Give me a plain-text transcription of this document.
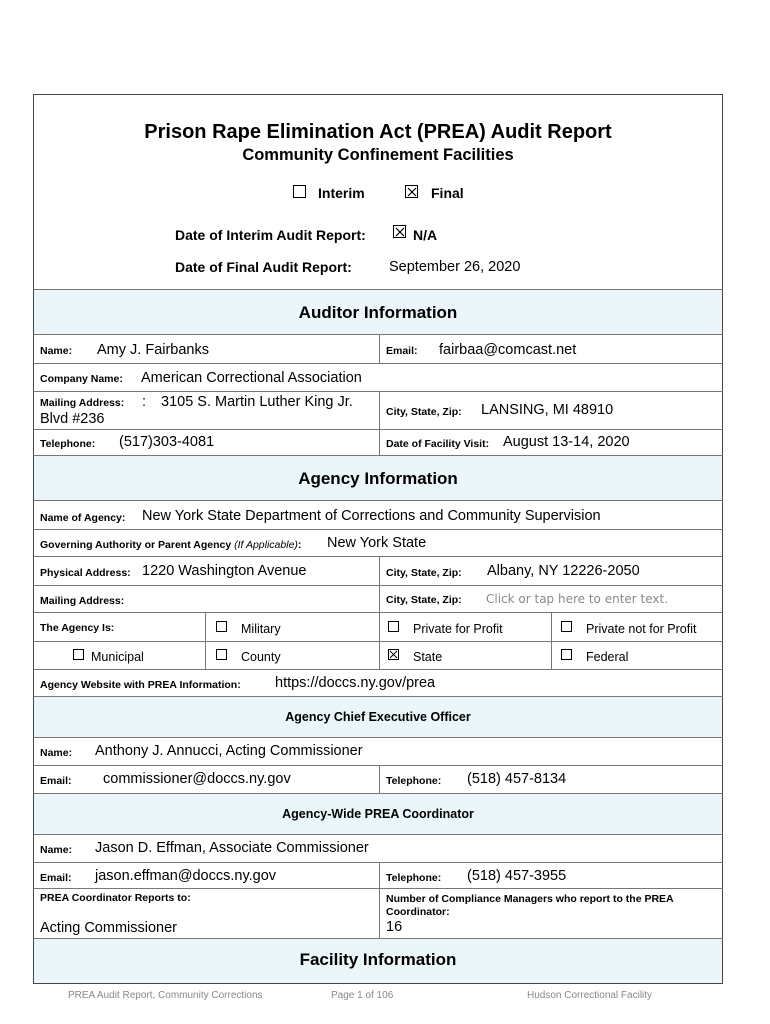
Prison Rape Elimination Act (PREA) Audit Report
Community Confinement Facilities
Interim	Final
Date of Interim Audit Report:	N/A
Date of Final Audit Report:	September 26, 2020
Auditor Information
Name: Amy J. Fairbanks	Email: fairbaa@comcast.net
Company Name: American Correctional Association
Mailing Address: : 3105 S. Martin Luther King Jr.
Blvd #236	City, State, Zip: LANSING, MI 48910
Telephone: (517)303-4081	Date of Facility Visit: August 13-14, 2020
Agency Information
Name of Agency: New York State Department of Corrections and Community Supervision
Governing Authority or Parent Agency (If Applicable): New York State
Physical Address: 1220 Washington Avenue	City, State, Zip: Albany, NY 12226-2050
Mailing Address:	City, State, Zip: Click or tap here to enter text.
The Agency Is:	Military	Private for Profit	Private not for Profit
Municipal	County	State	Federal
Agency Website with PREA Information: https://doccs.ny.gov/prea
Agency Chief Executive Officer
Name: Anthony J. Annucci, Acting Commissioner
Email: commissioner@doccs.ny.gov	Telephone: (518) 457-8134
Agency-Wide PREA Coordinator
Name: Jason D. Effman, Associate Commissioner
Email: jason.effman@doccs.ny.gov	Telephone: (518) 457-3955
PREA Coordinator Reports to:
Acting Commissioner
Number of Compliance Managers who report to the PREA
Coordinator:
16
Facility Information
PREA Audit Report, Community Corrections	Page 1 of 106	Hudson Correctional Facility
